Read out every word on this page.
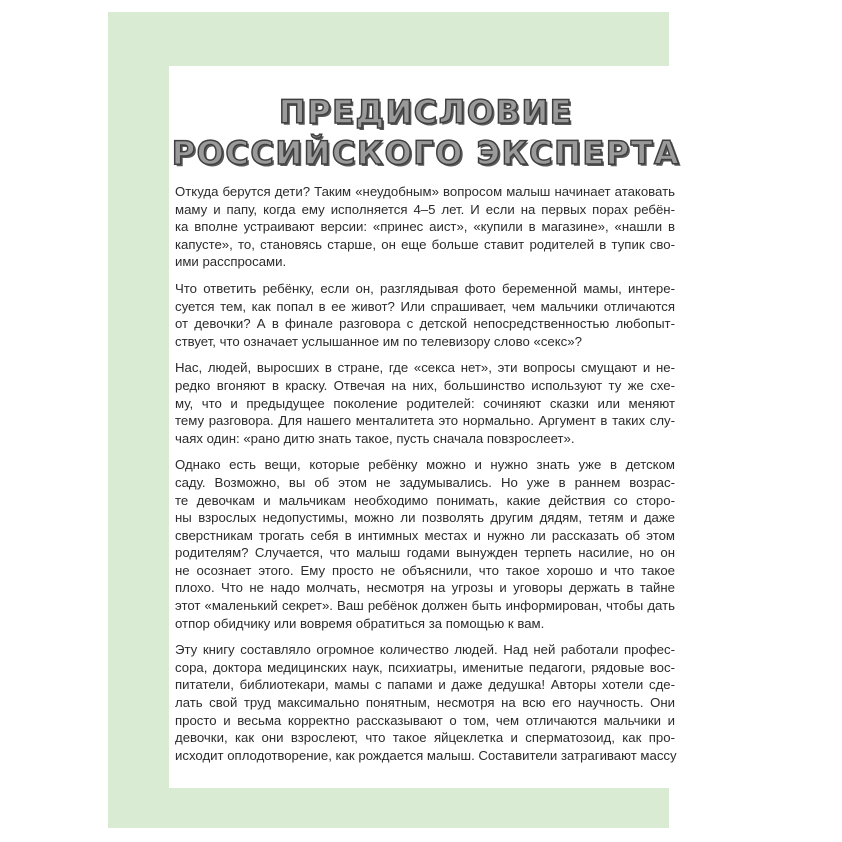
ПРЕДИСЛОВИЕ
РОССИЙСКОГО ЭКСПЕРТА

Откуда берутся дети? Таким «неудобным» вопросом малыш начинает атаковать
маму и папу, когда ему исполняется 4–5 лет. И если на первых порах ребён-
ка вполне устраивают версии: «принес аист», «купили в магазине», «нашли в
капусте», то, становясь старше, он еще больше ставит родителей в тупик сво-
ими расспросами.

Что ответить ребёнку, если он, разглядывая фото беременной мамы, интере-
суется тем, как попал в ее живот? Или спрашивает, чем мальчики отличаются
от девочки? А в финале разговора с детской непосредственностью любопыт-
ствует, что означает услышанное им по телевизору слово «секс»?

Нас, людей, выросших в стране, где «секса нет», эти вопросы смущают и не-
редко вгоняют в краску. Отвечая на них, большинство используют ту же схе-
му, что и предыдущее поколение родителей: сочиняют сказки или меняют
тему разговора. Для нашего менталитета это нормально. Аргумент в таких слу-
чаях один: «рано дитю знать такое, пусть сначала повзрослеет».

Однако есть вещи, которые ребёнку можно и нужно знать уже в детском
саду. Возможно, вы об этом не задумывались. Но уже в раннем возрас-
те девочкам и мальчикам необходимо понимать, какие действия со сторо-
ны взрослых недопустимы, можно ли позволять другим дядям, тетям и даже
сверстникам трогать себя в интимных местах и нужно ли рассказать об этом
родителям? Случается, что малыш годами вынужден терпеть насилие, но он
не осознает этого. Ему просто не объяснили, что такое хорошо и что такое
плохо. Что не надо молчать, несмотря на угрозы и уговоры держать в тайне
этот «маленький секрет». Ваш ребёнок должен быть информирован, чтобы дать
отпор обидчику или вовремя обратиться за помощью к вам.

Эту книгу составляло огромное количество людей. Над ней работали профес-
сора, доктора медицинских наук, психиатры, именитые педагоги, рядовые вос-
питатели, библиотекари, мамы с папами и даже дедушка! Авторы хотели сде-
лать свой труд максимально понятным, несмотря на всю его научность. Они
просто и весьма корректно рассказывают о том, чем отличаются мальчики и
девочки, как они взрослеют, что такое яйцеклетка и сперматозоид, как про-
исходит оплодотворение, как рождается малыш. Составители затрагивают массу
